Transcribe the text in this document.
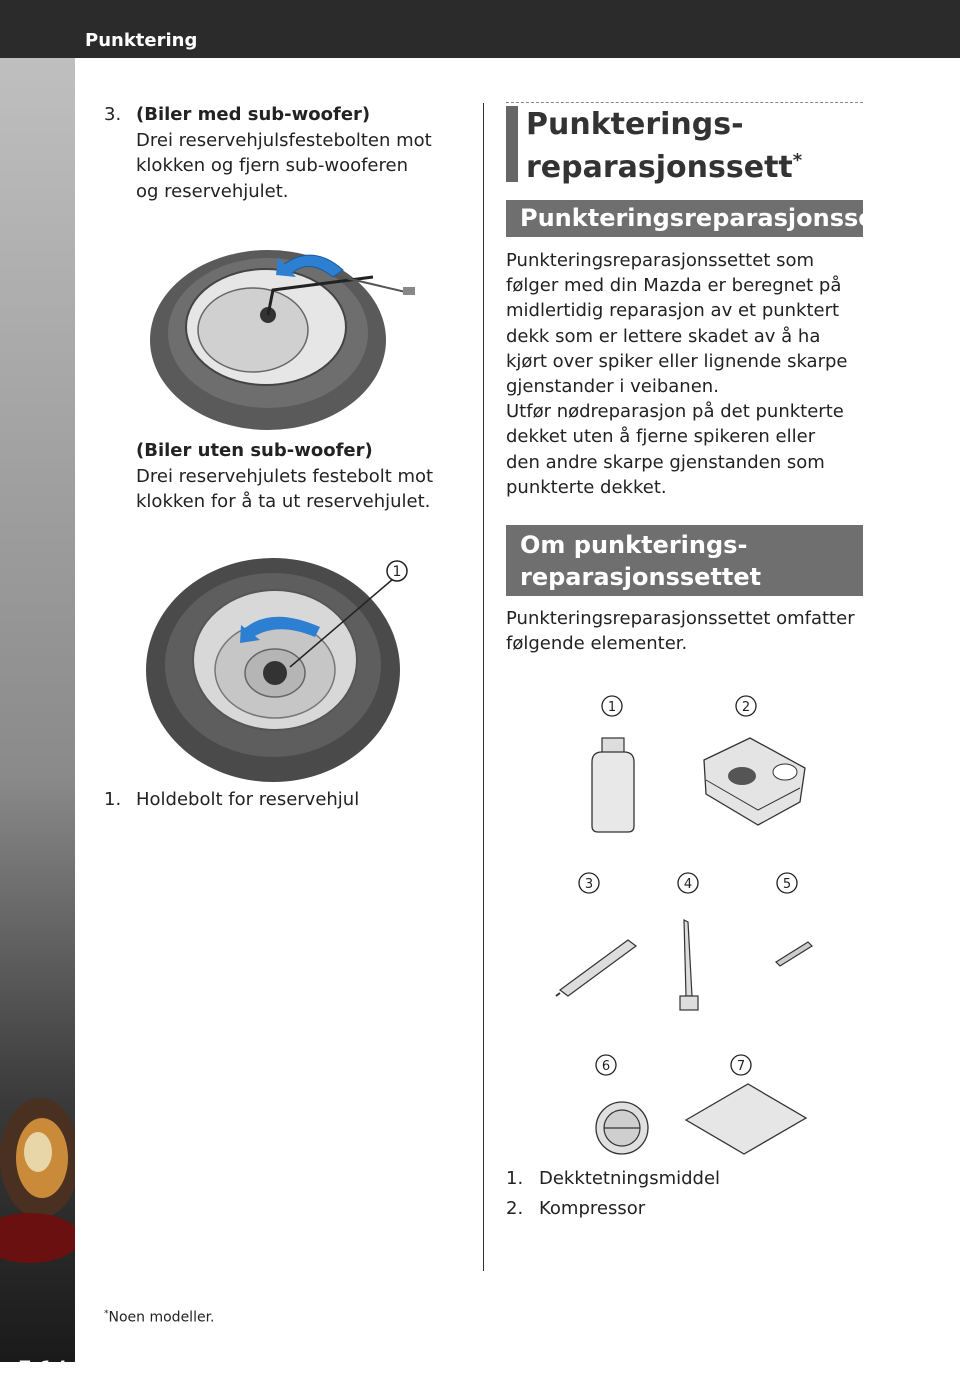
Punktering
7-14
3. (Biler med sub-woofer)
Drei reservehjulsfestebolten mot
klokken og fjern sub-wooferen
og reservehjulet.
(Biler uten sub-woofer)
Drei reservehjulets festebolt mot
klokken for å ta ut reservehjulet.
1
1. Holdebolt for reservehjul
Punkterings-
reparasjonssett*
Punkteringsreparasjonssett
Punkteringsreparasjonssettet som
følger med din Mazda er beregnet på
midlertidig reparasjon av et punktert
dekk som er lettere skadet av å ha
kjørt over spiker eller lignende skarpe
gjenstander i veibanen.
Utfør nødreparasjon på det punkterte
dekket uten å fjerne spikeren eller
den andre skarpe gjenstanden som
punkterte dekket.
Om punkterings-
reparasjonssettet
Punkteringsreparasjonssettet omfatter
følgende elementer.
1	2
3	4	5
6	7
1. Dekktetningsmiddel
2. Kompressor
*Noen modeller.
